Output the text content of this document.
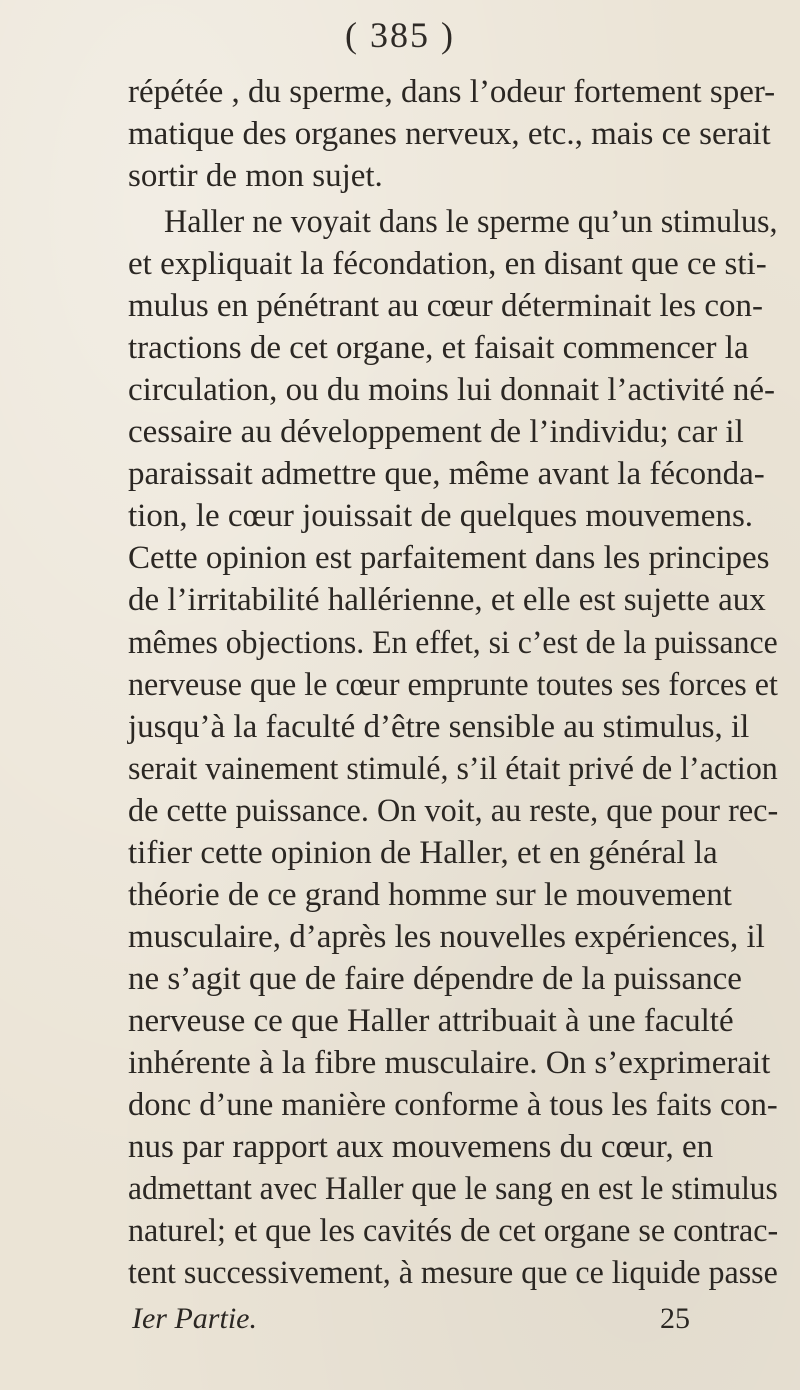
( 385 )
répétée , du sperme, dans l’odeur fortement sper-
matique des organes nerveux, etc., mais ce serait
sortir de mon sujet.
Haller ne voyait dans le sperme qu’un stimulus,
et expliquait la fécondation, en disant que ce sti-
mulus en pénétrant au cœur déterminait les con-
tractions de cet organe, et faisait commencer la
circulation, ou du moins lui donnait l’activité né-
cessaire au développement de l’individu; car il
paraissait admettre que, même avant la féconda-
tion, le cœur jouissait de quelques mouvemens.
Cette opinion est parfaitement dans les principes
de l’irritabilité hallérienne, et elle est sujette aux
mêmes objections. En effet, si c’est de la puissance
nerveuse que le cœur emprunte toutes ses forces et
jusqu’à la faculté d’être sensible au stimulus, il
serait vainement stimulé, s’il était privé de l’action
de cette puissance. On voit, au reste, que pour rec-
tifier cette opinion de Haller, et en général la
théorie de ce grand homme sur le mouvement
musculaire, d’après les nouvelles expériences, il
ne s’agit que de faire dépendre de la puissance
nerveuse ce que Haller attribuait à une faculté
inhérente à la fibre musculaire. On s’exprimerait
donc d’une manière conforme à tous les faits con-
nus par rapport aux mouvemens du cœur, en
admettant avec Haller que le sang en est le stimulus
naturel; et que les cavités de cet organe se contrac-
tent successivement, à mesure que ce liquide passe
Ier Partie.	25
